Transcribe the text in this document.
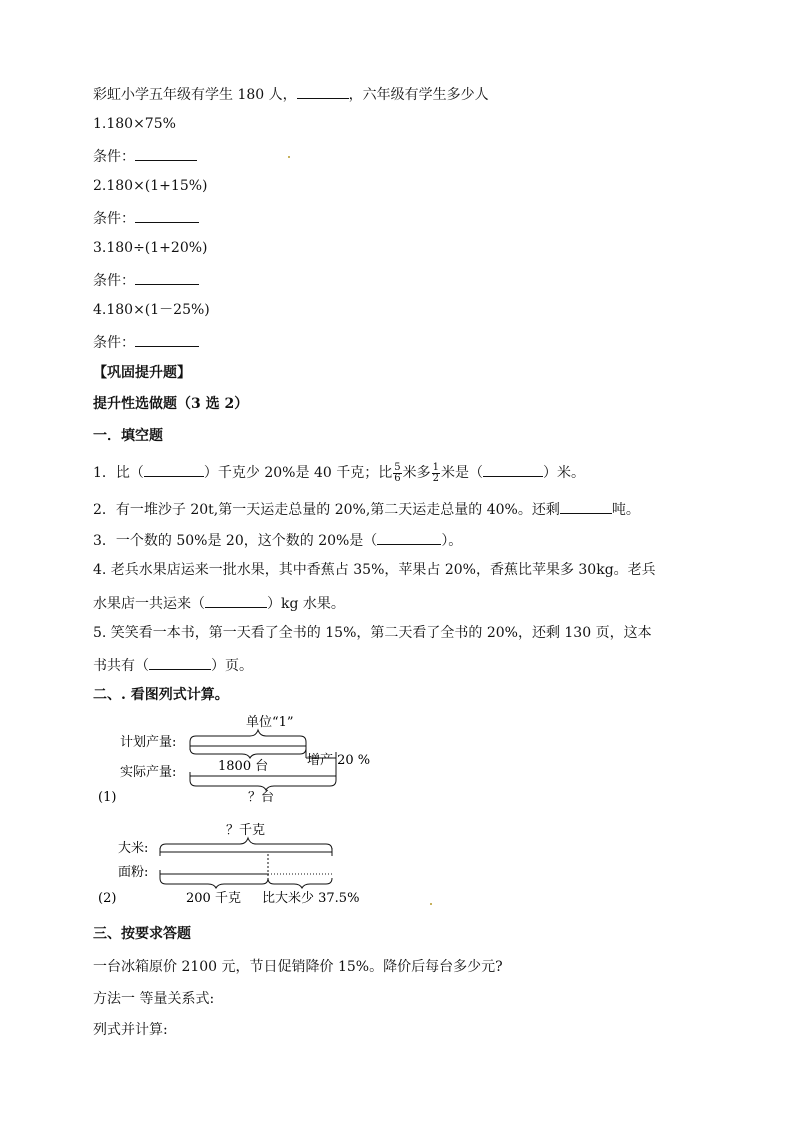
彩虹小学五年级有学生 180 人，	，六年级有学生多少人
1.180×75%
条件：
2.180×(1+15%)
条件：
3.180÷(1+20%)
条件：
4.180×(1－25%)
条件：
【巩固提升题】
提升性选做题（3 选 2）
一．填空题
1．比（	）千克少 20%是 40 千克；比 $\frac{5}{6}$ 米多 $\frac{1}{2}$ 米是（	）米。
2．有一堆沙子 20t,第一天运走总量的 20%,第二天运走总量的 40%。还剩	吨。
3．一个数的 50%是 20，这个数的 20%是（	）。
4. 老兵水果店运来一批水果，其中香蕉占 35%，苹果占 20%，香蕉比苹果多 30kg。老兵
水果店一共运来（	）kg 水果。
5. 笑笑看一本书，第一天看了全书的 15%，第二天看了全书的 20%，还剩 130 页，这本
书共有（	）页。
二、. 看图列式计算。
单位“1”
计划产量:
实际产量:	1800 台	增产 20 %
？台
(1)
？千克
大米:
面粉:
200 千克 比大米少 37.5%
(2)
三、按要求答题
一台冰箱原价 2100 元，节日促销降价 15%。降价后每台多少元?
方法一 等量关系式:
列式并计算:
